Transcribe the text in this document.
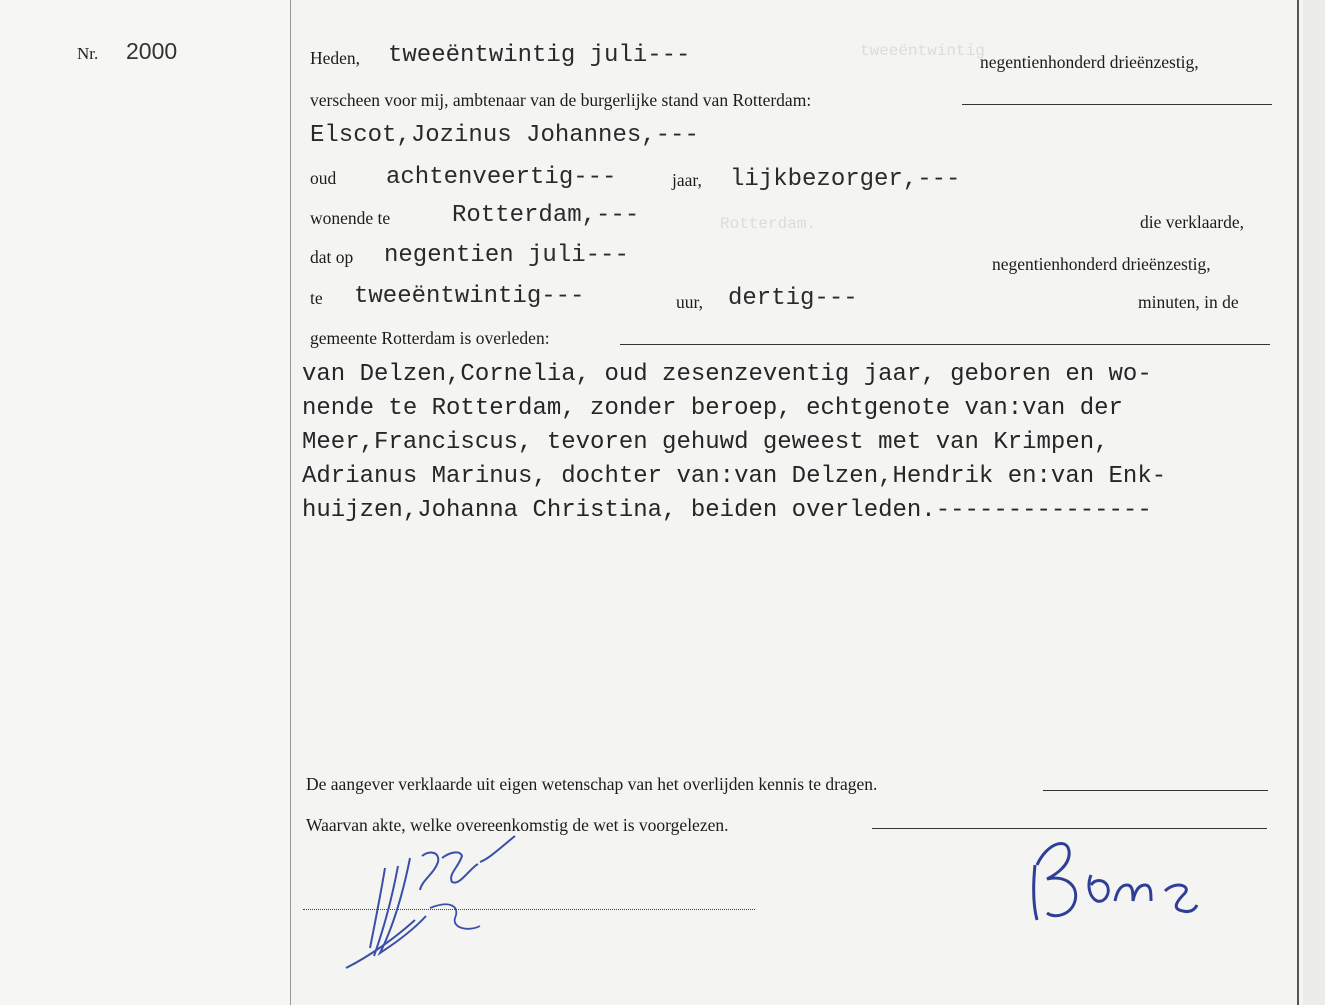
Nr. 2000	tweeëntwintig
Rotterdam.
Heden, tweeëntwintig juli---	negentienhonderd drieënzestig,
verscheen voor mij, ambtenaar van de burgerlijke stand van Rotterdam:
Elscot,Jozinus Johannes,---
oud achtenveertig---	jaar, lijkbezorger,---
wonende te	Rotterdam,---	die verklaarde,
dat op negentien juli---	negentienhonderd drieënzestig,
te tweeëntwintig---	uur, dertig---	minuten, in de
gemeente Rotterdam is overleden:
van Delzen,Cornelia, oud zesenzeventig jaar, geboren en wo-
nende te Rotterdam, zonder beroep, echtgenote van:van der
Meer,Franciscus, tevoren gehuwd geweest met van Krimpen,
Adrianus Marinus, dochter van:van Delzen,Hendrik en:van Enk-
huijzen,Johanna Christina, beiden overleden.---------------
De aangever verklaarde uit eigen wetenschap van het overlijden kennis te dragen.
Waarvan akte, welke overeenkomstig de wet is voorgelezen.
